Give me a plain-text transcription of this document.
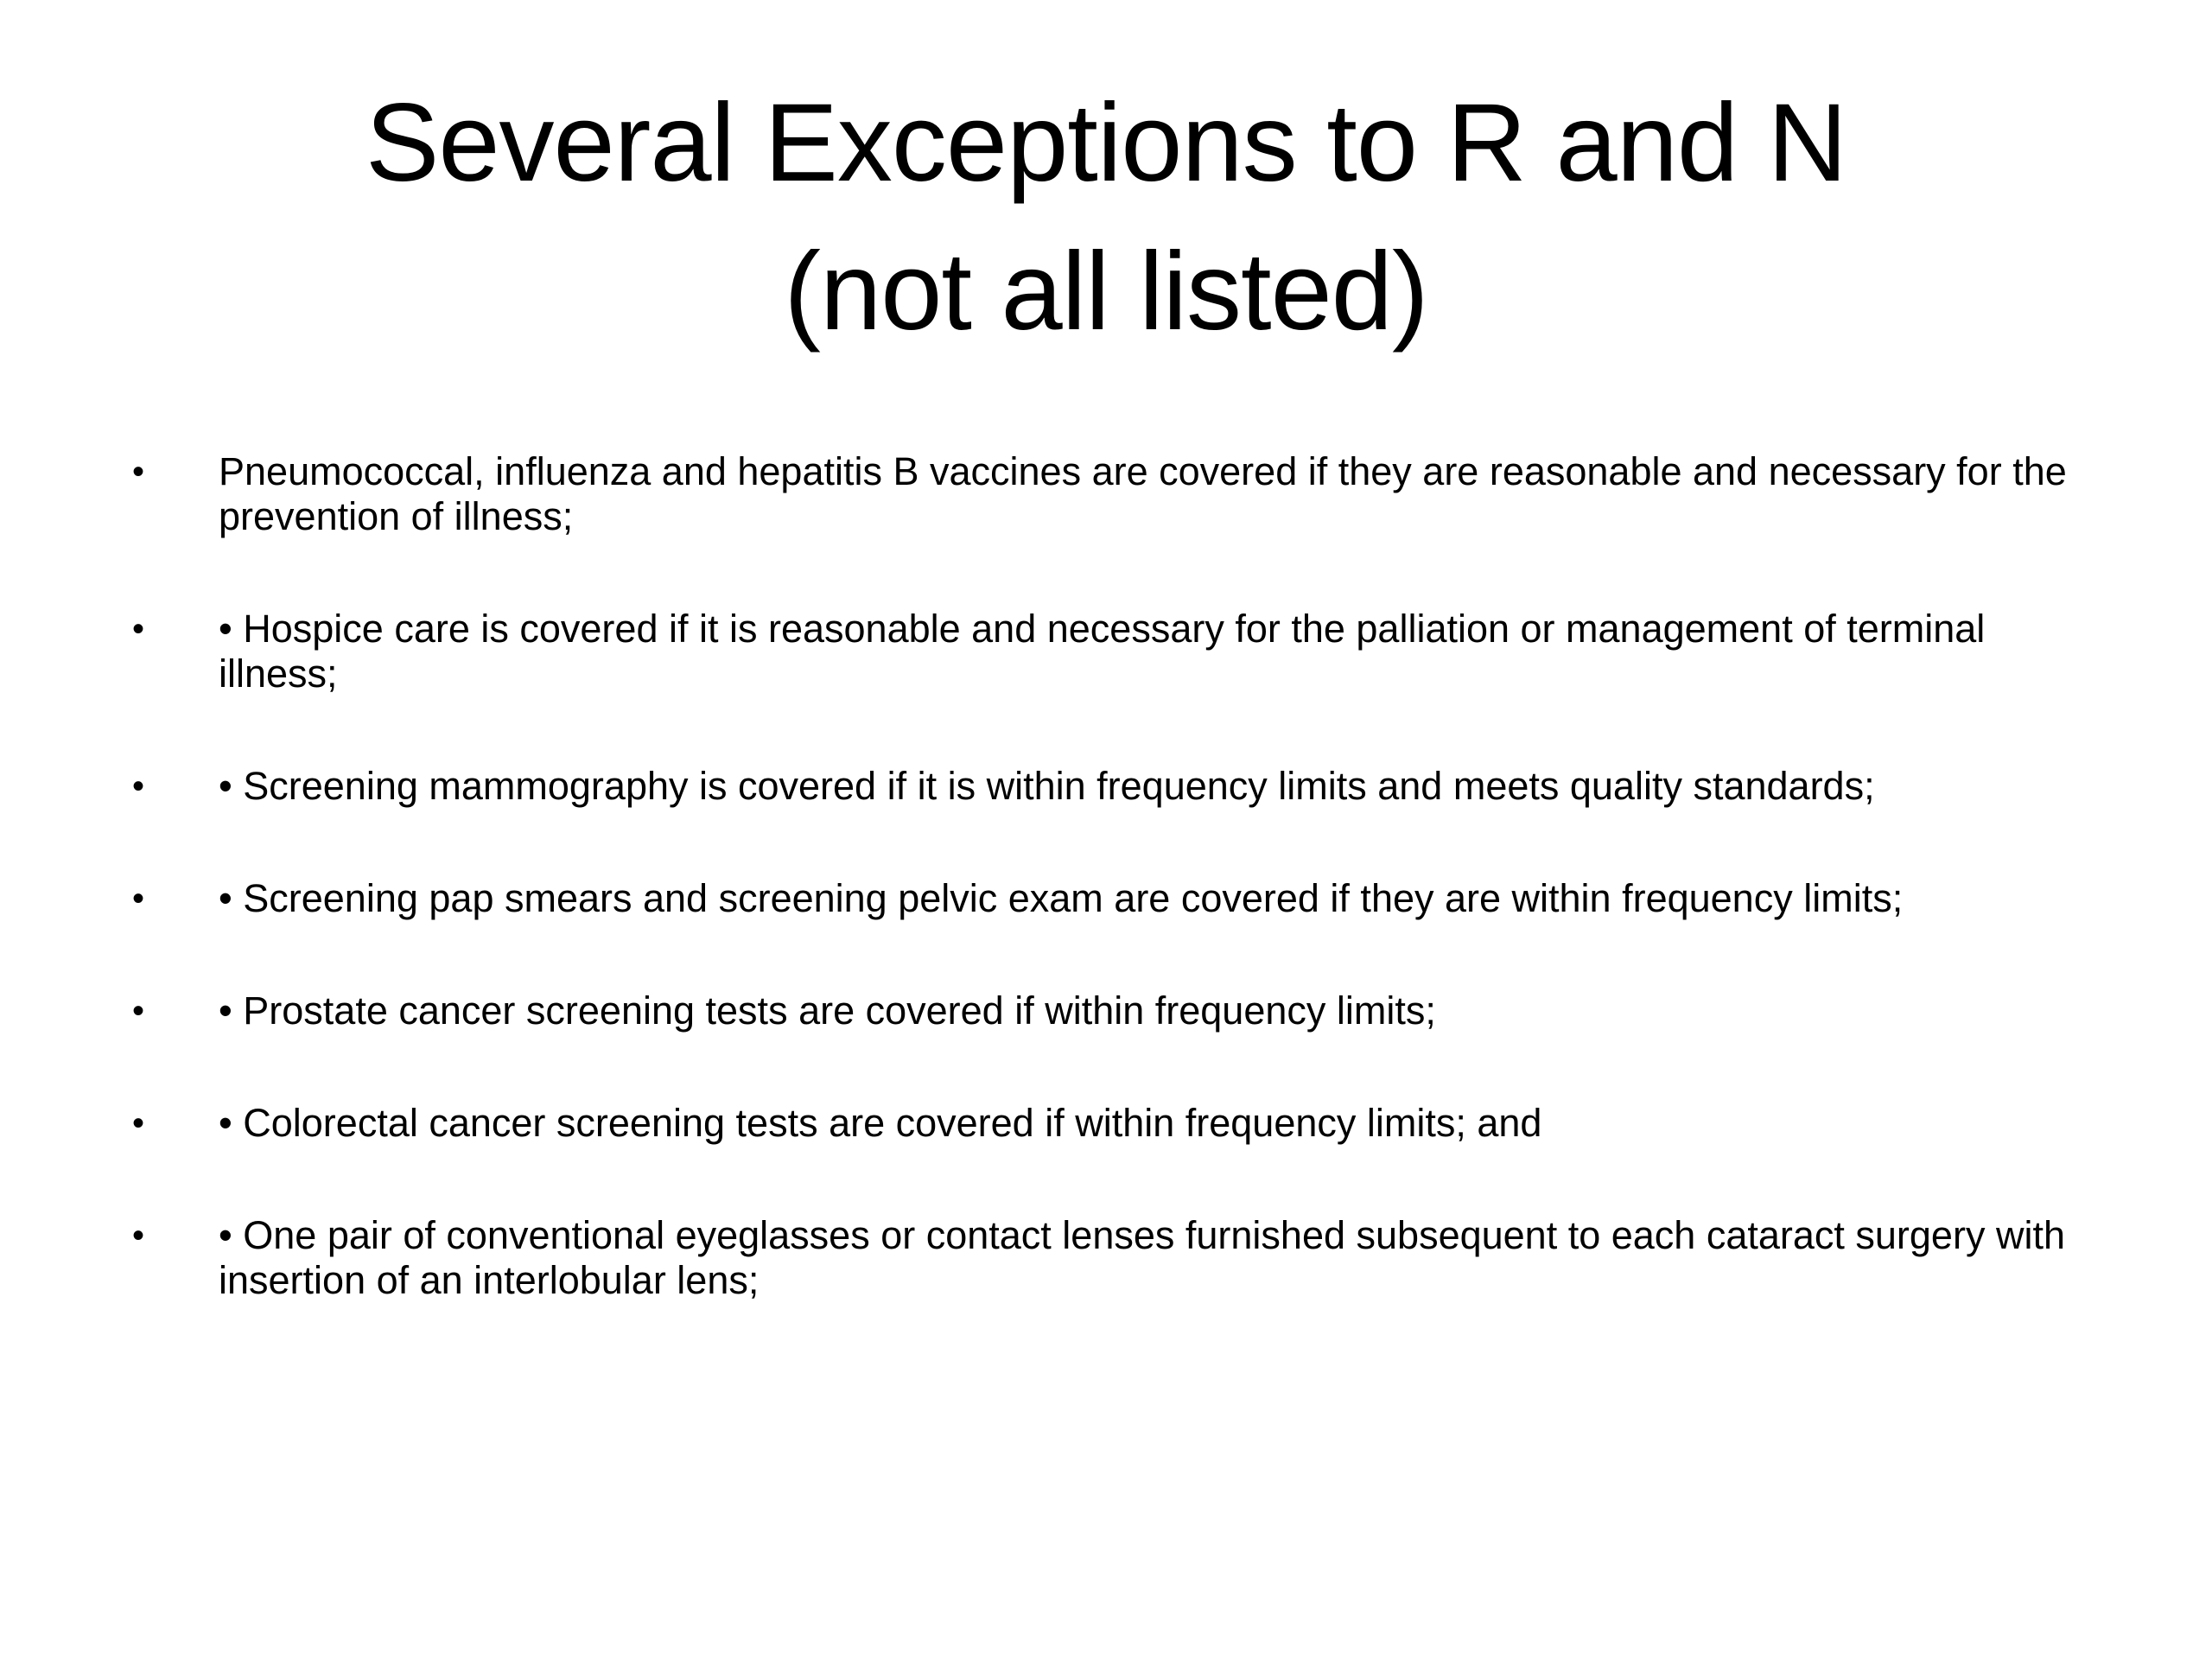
Several Exceptions to R and N
(not all listed)
• Pneumococcal, influenza and hepatitis B vaccines are covered if they are reasonable and necessary for the prevention of illness;
• • Hospice care is covered if it is reasonable and necessary for the palliation or management of terminal illness;
• • Screening mammography is covered if it is within frequency limits and meets quality standards;
• • Screening pap smears and screening pelvic exam are covered if they are within frequency limits;
• • Prostate cancer screening tests are covered if within frequency limits;
• • Colorectal cancer screening tests are covered if within frequency limits; and
• • One pair of conventional eyeglasses or contact lenses furnished subsequent to each cataract surgery with insertion of an interlobular lens;
